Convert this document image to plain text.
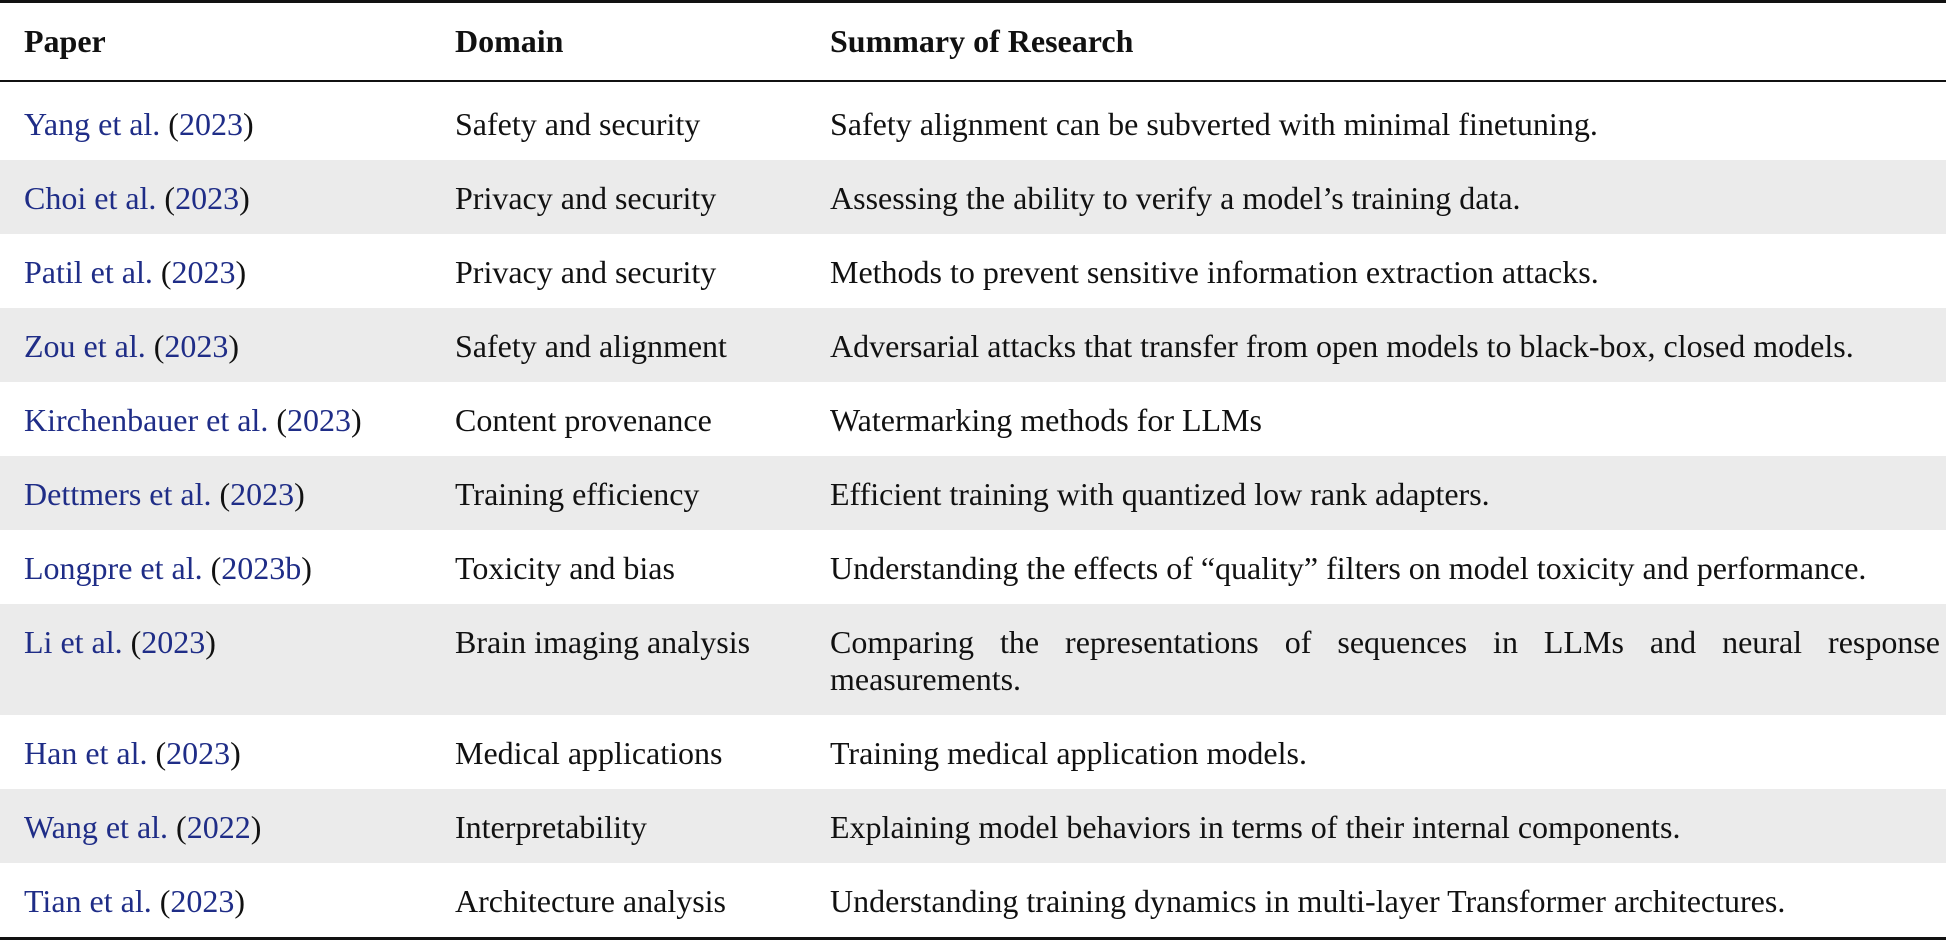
Paper	Domain	Summary of Research
Yang et al. (2023)	Safety and security	Safety alignment can be subverted with minimal finetuning.
Choi et al. (2023)	Privacy and security	Assessing the ability to verify a model’s training data.
Patil et al. (2023)	Privacy and security	Methods to prevent sensitive information extraction attacks.
Zou et al. (2023)	Safety and alignment	Adversarial attacks that transfer from open models to black-box, closed models.
Kirchenbauer et al. (2023)	Content provenance	Watermarking methods for LLMs
Dettmers et al. (2023)	Training efficiency	Efficient training with quantized low rank adapters.
Longpre et al. (2023b)	Toxicity and bias	Understanding the effects of “quality” filters on model toxicity and performance.
Li et al. (2023)	Brain imaging analysis	Comparing the representations of sequences in LLMs and neural response measurements.
Han et al. (2023)	Medical applications	Training medical application models.
Wang et al. (2022)	Interpretability	Explaining model behaviors in terms of their internal components.
Tian et al. (2023)	Architecture analysis	Understanding training dynamics in multi-layer Transformer architectures.
